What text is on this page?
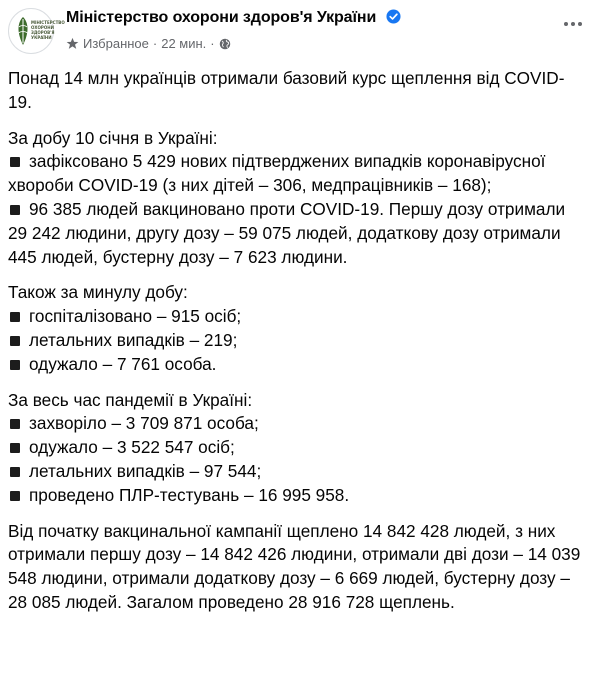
МІНІСТЕРСТВО
ОХОРОНИ
ЗДОРОВ'Я
УКРАЇНИ
Міністерство охорони здоров'я України
Избранное · 22 мин. ·

Понад 14 млн українців отримали базовий курс щеплення від COVID-19.

За добу 10 січня в Україні:

зафіксовано 5 429 нових підтверджених випадків коронавірусної хвороби COVID-19 (з них дітей – 306, медпрацівників – 168);

96 385 людей вакциновано проти COVID-19. Першу дозу отримали 29 242 людини, другу дозу – 59 075 людей, додаткову дозу отримали 445 людей, бустерну дозу – 7 623 людини.

Також за минулу добу:

госпіталізовано – 915 осіб;

летальних випадків – 219;

одужало – 7 761 особа.

За весь час пандемії в Україні:

захворіло – 3 709 871 особа;

одужало – 3 522 547 осіб;

летальних випадків – 97 544;

проведено ПЛР-тестувань – 16 995 958.

Від початку вакцинальної кампанії щеплено 14 842 428 людей, з них отримали першу дозу – 14 842 426 людини, отримали дві дози – 14 039 548 людини, отримали додаткову дозу – 6 669 людей, бустерну дозу – 28 085 людей. Загалом проведено 28 916 728 щеплень.
